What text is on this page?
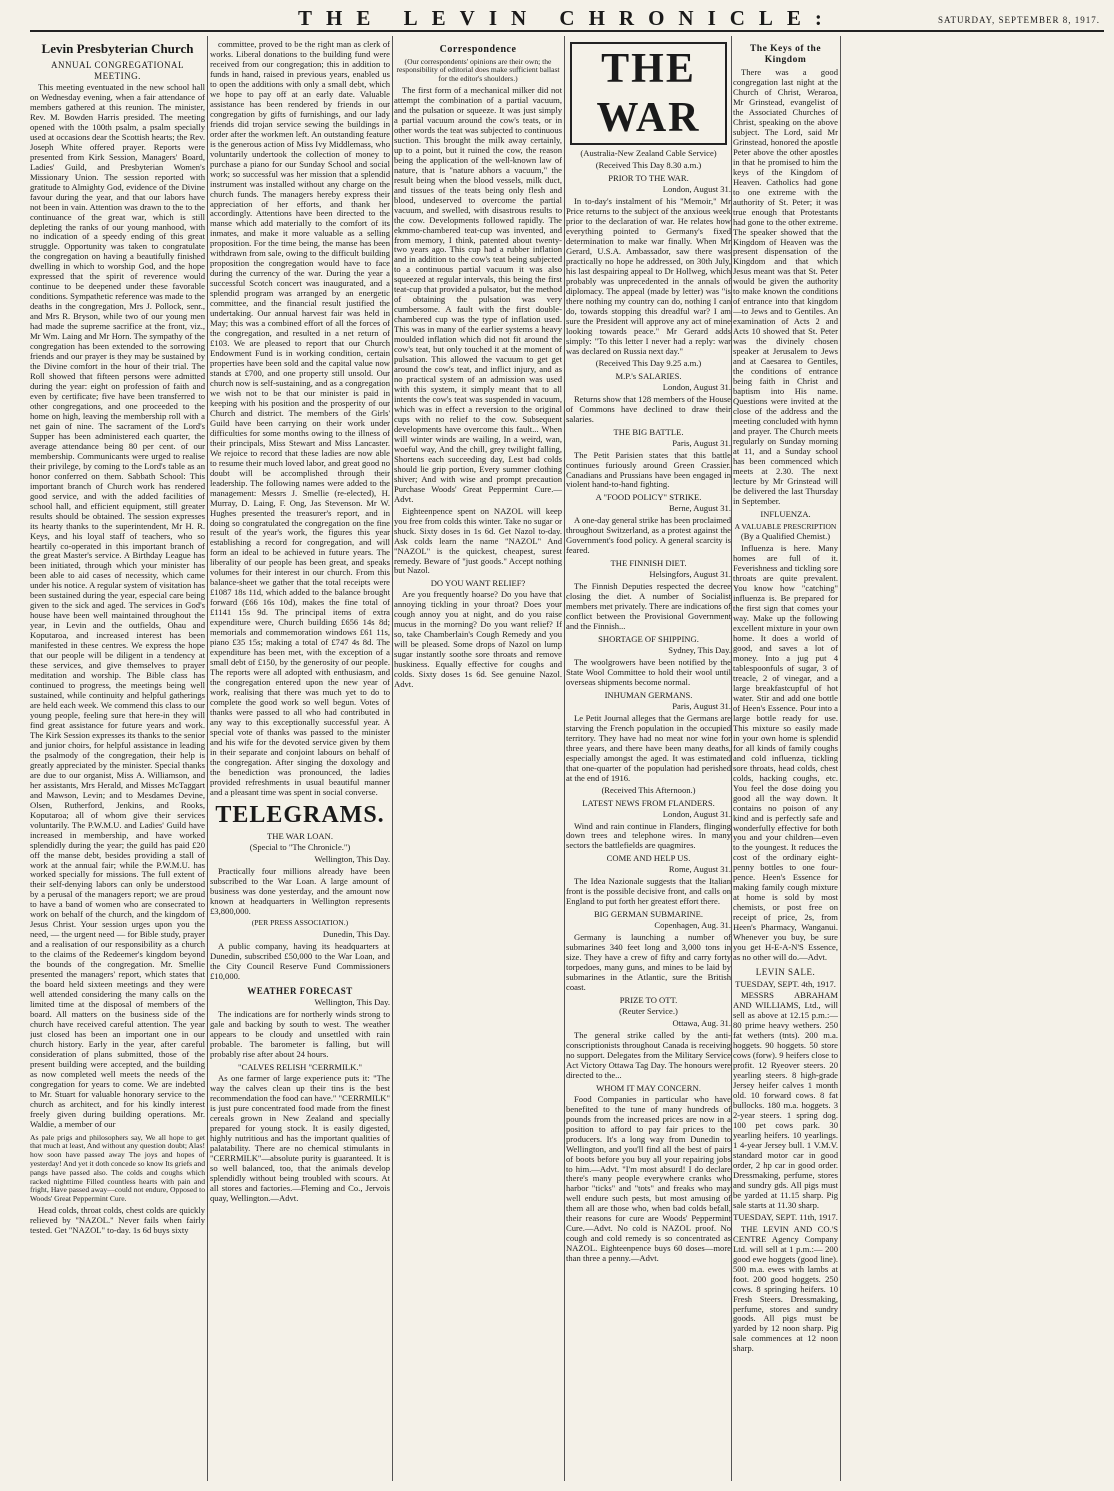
THE LEVIN CHRONICLE:	SATURDAY, SEPTEMBER 8, 1917.
Levin Presbyterian Church
ANNUAL CONGREGATIONAL MEETING.

This meeting eventuated in the new school hall on Wednesday evening, when a fair attendance of members gathered at this reunion. The minister, Rev. M. Bowden Harris presided. The meeting opened with the 100th psalm, a psalm specially used at occasions dear the Scottish hearts; the Rev. Joseph White offered prayer. Reports were presented from Kirk Session, Managers' Board, Ladies' Guild, and Presbyterian Women's Missionary Union. The session reported with gratitude to Almighty God, evidence of the Divine favour during the year, and that our labors have not been in vain. Attention was drawn to the to the continuance of the great war, which is still depleting the ranks of our young manhood, with no indication of a speedy ending of this great struggle. Opportunity was taken to congratulate the congregation on having a beautifully finished dwelling in which to worship God, and the hope expressed that the spirit of reverence would continue to be deepened under these favorable conditions. Sympathetic reference was made to the deaths in the congregation, Mrs J. Pollock, senr., and Mrs R. Bryson, while two of our young men had made the supreme sacrifice at the front, viz., Mr Wm. Laing and Mr Horn. The sympathy of the congregation has been extended to the sorrowing friends and our prayer is they may be sustained by the Divine comfort in the hour of their trial. The Roll showed that fifteen persons were admitted during the year: eight on profession of faith and even by certificate; five have been transferred to other congregations, and one proceeded to the home on high, leaving the membership roll with a net gain of nine. The sacrament of the Lord's Supper has been administered each quarter, the average attendance being 80 per cent. of our membership. Communicants were urged to realise their privilege, by coming to the Lord's table as an honor conferred on them. Sabbath School: This important branch of Church work has rendered good service, and with the added facilities of school hall, and efficient equipment, still greater results should be obtained. The session expresses its hearty thanks to the superintendent, Mr H. R. Keys, and his loyal staff of teachers, who so heartily co-operated in this important branch of the great Master's service. A Birthday League has been initiated, through which your minister has been able to aid cases of necessity, which came under his notice. A regular system of visitation has been sustained during the year, especial care being given to the sick and aged. The services in God's house have been well maintained throughout the year, in Levin and the outfields, Ohau and Koputaroa, and increased interest has been manifested in these centres. We express the hope that our people will be diligent in a tendency at these services, and give themselves to prayer meditation and worship. The Bible class has continued to progress, the meetings being well sustained, while continuity and helpful gatherings are held each week. We commend this class to our young people, feeling sure that here-in they will find great assistance for future years and work. The Kirk Session expresses its thanks to the senior and junior choirs, for helpful assistance in leading the psalmody of the congregation, their help is greatly appreciated by the minister. Special thanks are due to our organist, Miss A. Williamson, and her assistants, Mrs Herald, and Misses McTaggart and Mawson, Levin; and to Mesdames Devine, Olsen, Rutherford, Jenkins, and Rooks, Koputaroa; all of whom give their services voluntarily. The P.W.M.U. and Ladies' Guild have increased in membership, and have worked splendidly during the year; the guild has paid £20 off the manse debt, besides providing a stall of work at the annual fair; while the P.W.M.U. has worked specially for missions. The full extent of their self-denying labors can only be understood by a perusal of the managers report; we are proud to have a band of women who are consecrated to work on behalf of the church, and the kingdom of Jesus Christ. Your session urges upon you the need, — the urgent need — for Bible study, prayer and a realisation of our responsibility as a church to the claims of the Redeemer's kingdom beyond the bounds of the congregation. Mr. Smellie presented the managers' report, which states that the board held sixteen meetings and they were well attended considering the many calls on the limited time at the disposal of members of the board. All matters on the business side of the church have received careful attention. The year just closed has been an important one in our church history. Early in the year, after careful consideration of plans submitted, those of the present building were accepted, and the building as now completed well meets the needs of the congregation for years to come. We are indebted to Mr. Stuart for valuable honorary service to the church as architect, and for his kindly interest freely given during building operations. Mr. Waldie, a member of our

As pale prigs and philosophers say, We all hope to get that much at least, And without any question doubt; Alas! how soon have passed away The joys and hopes of yesterday! And yet it doth concede so know Its griefs and pangs have passed also. The colds and coughs which racked nighttime Filled countless hearts with pain and fright, Have passed away—could not endure, Opposed to Woods' Great Peppermint Cure.

Head colds, throat colds, chest colds are quickly relieved by "NAZOL." Never fails when fairly tested. Get "NAZOL" to-day. 1s 6d buys sixty

committee, proved to be the right man as clerk of works. Liberal donations to the building fund were received from our congregation; this in addition to funds in hand, raised in previous years, enabled us to open the additions with only a small debt, which we hope to pay off at an early date. Valuable assistance has been rendered by friends in our congregation by gifts of furnishings, and our lady friends did trojan service sewing the buildings in order after the workmen left. An outstanding feature is the generous action of Miss Ivy Middlemass, who voluntarily undertook the collection of money to purchase a piano for our Sunday School and social work; so successful was her mission that a splendid instrument was installed without any charge on the church funds. The managers hereby express their appreciation of her efforts, and thank her accordingly. Attentions have been directed to the manse which add materially to the comfort of its inmates, and make it more valuable as a selling proposition. For the time being, the manse has been withdrawn from sale, owing to the difficult building proposition the congregation would have to face during the currency of the war. During the year a successful Scotch concert was inaugurated, and a splendid program was arranged by an energetic committee, and the financial result justified the undertaking. Our annual harvest fair was held in May; this was a combined effort of all the forces of the congregation, and resulted in a net return of £103. We are pleased to report that our Church Endowment Fund is in working condition, certain properties have been sold and the capital value now stands at £700, and one property still unsold. Our church now is self-sustaining, and as a congregation we wish not to be that our minister is paid in keeping with his position and the prosperity of our Church and district. The members of the Girls' Guild have been carrying on their work under difficulties for some months owing to the illness of their principals, Miss Stewart and Miss Lancaster. We rejoice to record that these ladies are now able to resume their much loved labor, and great good no doubt will be accomplished through their leadership. The following names were added to the management: Messrs J. Smellie (re-elected), H. Murray, D. Laing, F. Ong, Jas Stevenson. Mr W. Hughes presented the treasurer's report, and in doing so congratulated the congregation on the fine result of the year's work, the figures this year establishing a record for congregation, and will form an ideal to be achieved in future years. The liberality of our people has been great, and speaks volumes for their interest in our church. From this balance-sheet we gather that the total receipts were £1087 18s 11d, which added to the balance brought forward (£66 16s 10d), makes the fine total of £1141 15s 9d. The principal items of extra expenditure were, Church building £656 14s 8d; memorials and commemoration windows £61 11s, piano £35 15s; making a total of £747 4s 8d. The expenditure has been met, with the exception of a small debt of £150, by the generosity of our people. The reports were all adopted with enthusiasm, and the congregation entered upon the new year of work, realising that there was much yet to do to complete the good work so well begun. Votes of thanks were passed to all who had contributed in any way to this exceptionally successful year. A special vote of thanks was passed to the minister and his wife for the devoted service given by them in their separate and conjoint labours on behalf of the congregation. After singing the doxology and the benediction was pronounced, the ladies provided refreshments in usual beautiful manner and a pleasant time was spent in social converse.

TELEGRAMS.
THE WAR LOAN.

(Special to "The Chronicle.")

Wellington, This Day.

Practically four millions already have been subscribed to the War Loan. A large amount of business was done yesterday, and the amount now known at headquarters in Wellington represents £3,800,000.

(PER PRESS ASSOCIATION.)

Dunedin, This Day.

A public company, having its headquarters at Dunedin, subscribed £50,000 to the War Loan, and the City Council Reserve Fund Commissioners £10,000.

WEATHER FORECAST

Wellington, This Day.

The indications are for northerly winds strong to gale and backing by south to west. The weather appears to be cloudy and unsettled with rain probable. The barometer is falling, but will probably rise after about 24 hours.

"CALVES RELISH "CERRMILK."

As one farmer of large experience puts it: "The way the calves clean up their tins is the best recommendation the food can have." "CERRMILK" is just pure concentrated food made from the finest cereals grown in New Zealand and specially prepared for young stock. It is easily digested, highly nutritious and has the important qualities of palatability. There are no chemical stimulants in "CERRMILK"—absolute purity is guaranteed. It is so well balanced, too, that the animals develop splendidly without being troubled with scours. At all stores and factories.—Fleming and Co., Jervois quay, Wellington.—Advt.

Correspondence

(Our correspondents' opinions are their own; the responsibility of editorial does make sufficient ballast for the editor's shoulders.)

The first form of a mechanical milker did not attempt the combination of a partial vacuum, and the pulsation or squeeze. It was just simply a partial vacuum around the cow's teats, or in other words the teat was subjected to continuous suction. This brought the milk away certainly, up to a point, but it ruined the cow, the reason being the application of the well-known law of nature, that is "nature abhors a vacuum," the result being when the blood vessels, milk duct, and tissues of the teats being only flesh and blood, undeserved to overcome the partial vacuum, and swelled, with disastrous results to the cow. Developments followed rapidly. The ekmmo-chambered teat-cup was invented, and from memory, I think, patented about twenty-two years ago. This cup had a rubber inflation and in addition to the cow's teat being subjected to a continuous partial vacuum it was also squeezed at regular intervals, this being the first teat-cup that provided a pulsator, but the method of obtaining the pulsation was very cumbersome. A fault with the first double-chambered cup was the type of inflation used. This was in many of the earlier systems a heavy moulded inflation which did not fit around the cow's teat, but only touched it at the moment of pulsation. This allowed the vacuum to get get around the cow's teat, and inflict injury, and as no practical system of an admission was used with this system, it simply meant that to all intents the cow's teat was suspended in vacuum, which was in effect a reversion to the original cups with no relief to the cow. Subsequent developments have overcome this fault... When will winter winds are wailing, In a weird, wan, woeful way, And the chill, grey twilight falling, Shortens each succeeding day, Lest bad colds should lie grip portion, Every summer clothing shiver; And with wise and prompt precaution Purchase Woods' Great Peppermint Cure.—Advt.

Eighteenpence spent on NAZOL will keep you free from colds this winter. Take no sugar or shuck. Sixty doses in 1s 6d. Get Nazol to-day. Ask colds learn the name "NAZOL" And "NAZOL" is the quickest, cheapest, surest remedy. Beware of "just goods." Accept nothing but Nazol.

DO YOU WANT RELIEF?

Are you frequently hoarse? Do you have that annoying tickling in your throat? Does your cough annoy you at night, and do you raise mucus in the morning? Do you want relief? If so, take Chamberlain's Cough Remedy and you will be pleased. Some drops of Nazol on lump sugar instantly soothe sore throats and remove huskiness. Equally effective for coughs and colds. Sixty doses 1s 6d. See genuine Nazol. Advt.

THE WAR

(Australia-New Zealand Cable Service)

(Received This Day 8.30 a.m.)

PRIOR TO THE WAR.

London, August 31.

In to-day's instalment of his "Memoir," Mr Price returns to the subject of the anxious week prior to the declaration of war. He relates how everything pointed to Germany's fixed determination to make war finally. When Mr Gerard, U.S.A. Ambassador, saw there was practically no hope he addressed, on 30th July, his last despairing appeal to Dr Hollweg, which probably was unprecedented in the annals of diplomacy. The appeal (made by letter) was "is there nothing my country can do, nothing I can do, towards stopping this dreadful war? I am sure the President will approve any act of mine looking towards peace." Mr Gerard adds simply: "To this letter I never had a reply: war was declared on Russia next day."

(Received This Day 9.25 a.m.)

M.P.'s SALARIES.

London, August 31.

Returns show that 128 members of the House of Commons have declined to draw their salaries.

THE BIG BATTLE.

Paris, August 31.

The Petit Parisien states that this battle continues furiously around Green Crassier. Canadians and Prussians have been engaged in violent hand-to-hand fighting.

A "FOOD POLICY" STRIKE.

Berne, August 31.

A one-day general strike has been proclaimed throughout Switzerland, as a protest against the Government's food policy. A general scarcity is feared.

THE FINNISH DIET.

Helsingfors, August 31.

The Finnish Deputies respected the decree closing the diet. A number of Socialist members met privately. There are indications of conflict between the Provisional Government and the Finnish...

SHORTAGE OF SHIPPING.

Sydney, This Day.

The woolgrowers have been notified by the State Wool Committee to hold their wool until overseas shipments become normal.

INHUMAN GERMANS.

Paris, August 31.

Le Petit Journal alleges that the Germans are starving the French population in the occupied territory. They have had no meat nor wine for three years, and there have been many deaths, especially amongst the aged. It was estimated that one-quarter of the population had perished at the end of 1916.

(Received This Afternoon.)

LATEST NEWS FROM FLANDERS.

London, August 31.

Wind and rain continue in Flanders, flinging down trees and telephone wires. In many sectors the battlefields are quagmires.

COME AND HELP US.

Rome, August 31.

The Idea Nazionale suggests that the Italian front is the possible decisive front, and calls on England to put forth her greatest effort there.

BIG GERMAN SUBMARINE.

Copenhagen, Aug. 31.

Germany is launching a number of submarines 340 feet long and 3,000 tons in size. They have a crew of fifty and carry forty torpedoes, many guns, and mines to be laid by submarines in the Atlantic, sure the British coast.

PRIZE TO OTT.

(Reuter Service.)

Ottawa, Aug. 31.

The general strike called by the anti-conscriptionists throughout Canada is receiving no support. Delegates from the Military Service Act Victory Ottawa Tag Day. The honours were directed to the...

WHOM IT MAY CONCERN.

Food Companies in particular who have benefited to the tune of many hundreds of pounds from the increased prices are now in a position to afford to pay fair prices to the producers. It's a long way from Dunedin to Wellington, and you'll find all the best of pairs of boots before you buy all your repairing jobs to him.—Advt. "I'm most absurd! I do declare there's many people everywhere cranks who harbor "ticks" and "tots" and freaks who may well endure such pests, but most amusing of them all are those who, when bad colds befall, their reasons for cure are Woods' Peppermint Cure.—Advt. No cold is NAZOL proof. No cough and cold remedy is so concentrated as NAZOL. Eighteenpence buys 60 doses—more than three a penny.—Advt.

The Keys of the Kingdom

There was a good congregation last night at the Church of Christ, Weraroa, Mr Grinstead, evangelist of the Associated Churches of Christ, speaking on the above subject. The Lord, said Mr Grinstead, honored the apostle Peter above the other apostles in that he promised to him the keys of the Kingdom of Heaven. Catholics had gone to one extreme with the authority of St. Peter; it was true enough that Protestants had gone to the other extreme. The speaker showed that the Kingdom of Heaven was the present dispensation of the Kingdom and that which Jesus meant was that St. Peter would be given the authority to make known the conditions of entrance into that kingdom—to Jews and to Gentiles. An examination of Acts 2 and Acts 10 showed that St. Peter was the divinely chosen speaker at Jerusalem to Jews and at Caesarea to Gentiles, the conditions of entrance being faith in Christ and baptism into His name. Questions were invited at the close of the address and the meeting concluded with hymn and prayer. The Church meets regularly on Sunday morning at 11, and a Sunday school has been commenced which meets at 2.30. The next lecture by Mr Grinstead will be delivered the last Thursday in September.

INFLUENZA.
A VALUABLE PRESCRIPTION

(By a Qualified Chemist.)

Influenza is here. Many homes are full of it. Feverishness and tickling sore throats are quite prevalent. You know how "catching" influenza is. Be prepared for the first sign that comes your way. Make up the following excellent mixture in your own home. It does a world of good, and saves a lot of money. Into a jug put 4 tablespoonfuls of sugar, 3 of treacle, 2 of vinegar, and a large breakfastcupful of hot water. Stir and add one bottle of Heen's Essence. Pour into a large bottle ready for use. This mixture so easily made in your own home is splendid for all kinds of family coughs and cold influenza, tickling sore throats, head colds, chest colds, hacking coughs, etc. You feel the dose doing you good all the way down. It contains no poison of any kind and is perfectly safe and wonderfully effective for both you and your children—even to the youngest. It reduces the cost of the ordinary eight-penny bottles to one four-pence. Heen's Essence for making family cough mixture at home is sold by most chemists, or post free on receipt of price, 2s, from Heen's Pharmacy, Wanganui. Whenever you buy, be sure you get H-E-A-N'S Essence, as no other will do.—Advt.

LEVIN SALE.

TUESDAY, SEPT. 4th, 1917.

MESSRS ABRAHAM AND WILLIAMS, Ltd., will sell as above at 12.15 p.m.:— 80 prime heavy wethers. 250 fat wethers (tnts). 200 m.a. hoggets. 90 hoggets. 50 store cows (forw). 9 heifers close to profit. 12 Ryeover steers. 20 yearling steers. 8 high-grade Jersey heifer calves 1 month old. 10 forward cows. 8 fat bullocks. 180 m.a. hoggets. 3 2-year steers. 1 spring dog. 100 pet cows park. 30 yearling heifers. 10 yearlings. 1 4-year Jersey bull. 1 V.M.V. standard motor car in good order, 2 hp car in good order. Dressmaking, perfume, stores and sundry gds. All pigs must be yarded at 11.15 sharp. Pig sale starts at 11.30 sharp.

TUESDAY, SEPT. 11th, 1917.

THE LEVIN AND CO.'S CENTRE Agency Company Ltd. will sell at 1 p.m.:— 200 good ewe hoggets (good line). 500 m.a. ewes with lambs at foot. 200 good hoggets. 250 cows. 8 springing heifers. 10 Fresh Steers. Dressmaking, perfume, stores and sundry goods. All pigs must be yarded by 12 noon sharp. Pig sale commences at 12 noon sharp.
